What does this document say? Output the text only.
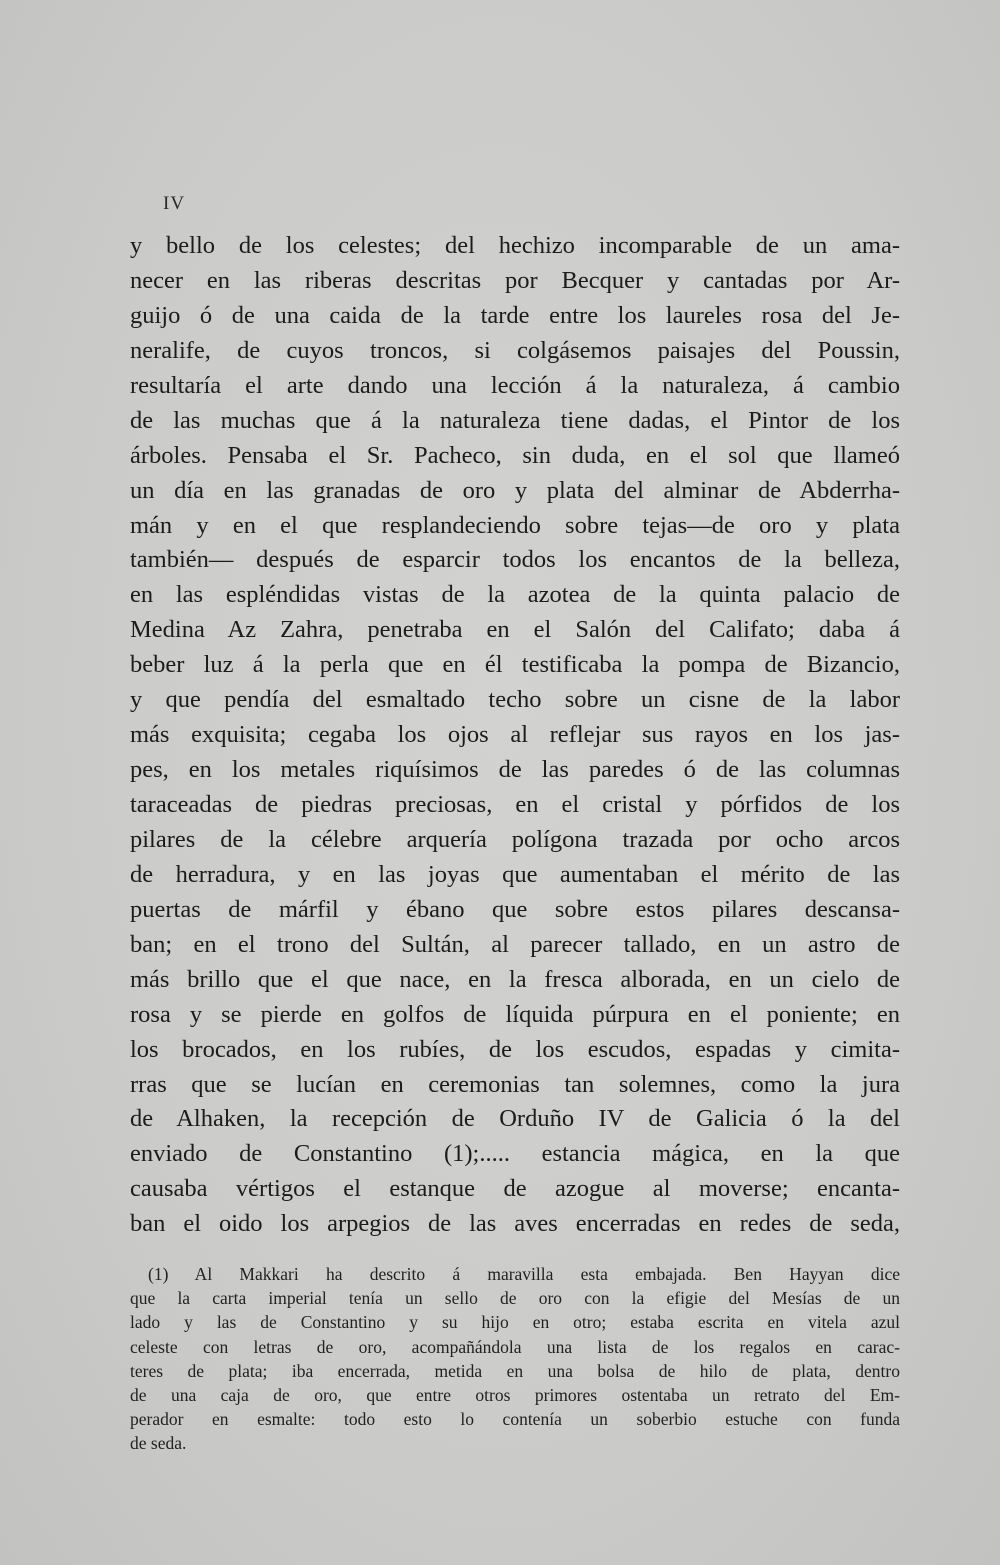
IV
y bello de los celestes; del hechizo incomparable de un ama-
necer en las riberas descritas por Becquer y cantadas por Ar-
guijo ó de una caida de la tarde entre los laureles rosa del Je-
neralife, de cuyos troncos, si colgásemos paisajes del Poussin,
resultaría el arte dando una lección á la naturaleza, á cambio
de las muchas que á la naturaleza tiene dadas, el Pintor de los
árboles. Pensaba el Sr. Pacheco, sin duda, en el sol que llameó
un día en las granadas de oro y plata del alminar de Abderrha-
mán y en el que resplandeciendo sobre tejas—de oro y plata
también— después de esparcir todos los encantos de la belleza,
en las espléndidas vistas de la azotea de la quinta palacio de
Medina Az Zahra, penetraba en el Salón del Califato; daba á
beber luz á la perla que en él testificaba la pompa de Bizancio,
y que pendía del esmaltado techo sobre un cisne de la labor
más exquisita; cegaba los ojos al reflejar sus rayos en los jas-
pes, en los metales riquísimos de las paredes ó de las columnas
taraceadas de piedras preciosas, en el cristal y pórfidos de los
pilares de la célebre arquería polígona trazada por ocho arcos
de herradura, y en las joyas que aumentaban el mérito de las
puertas de márfil y ébano que sobre estos pilares descansa-
ban; en el trono del Sultán, al parecer tallado, en un astro de
más brillo que el que nace, en la fresca alborada, en un cielo de
rosa y se pierde en golfos de líquida púrpura en el poniente; en
los brocados, en los rubíes, de los escudos, espadas y cimita-
rras que se lucían en ceremonias tan solemnes, como la jura
de Alhaken, la recepción de Orduño IV de Galicia ó la del
enviado de Constantino (1);..... estancia mágica, en la que
causaba vértigos el estanque de azogue al moverse; encanta-
ban el oido los arpegios de las aves encerradas en redes de seda,
(1) Al Makkari ha descrito á maravilla esta embajada. Ben Hayyan dice
que la carta imperial tenía un sello de oro con la efigie del Mesías de un
lado y las de Constantino y su hijo en otro; estaba escrita en vitela azul
celeste con letras de oro, acompañándola una lista de los regalos en carac-
teres de plata; iba encerrada, metida en una bolsa de hilo de plata, dentro
de una caja de oro, que entre otros primores ostentaba un retrato del Em-
perador en esmalte: todo esto lo contenía un soberbio estuche con funda
de seda.
